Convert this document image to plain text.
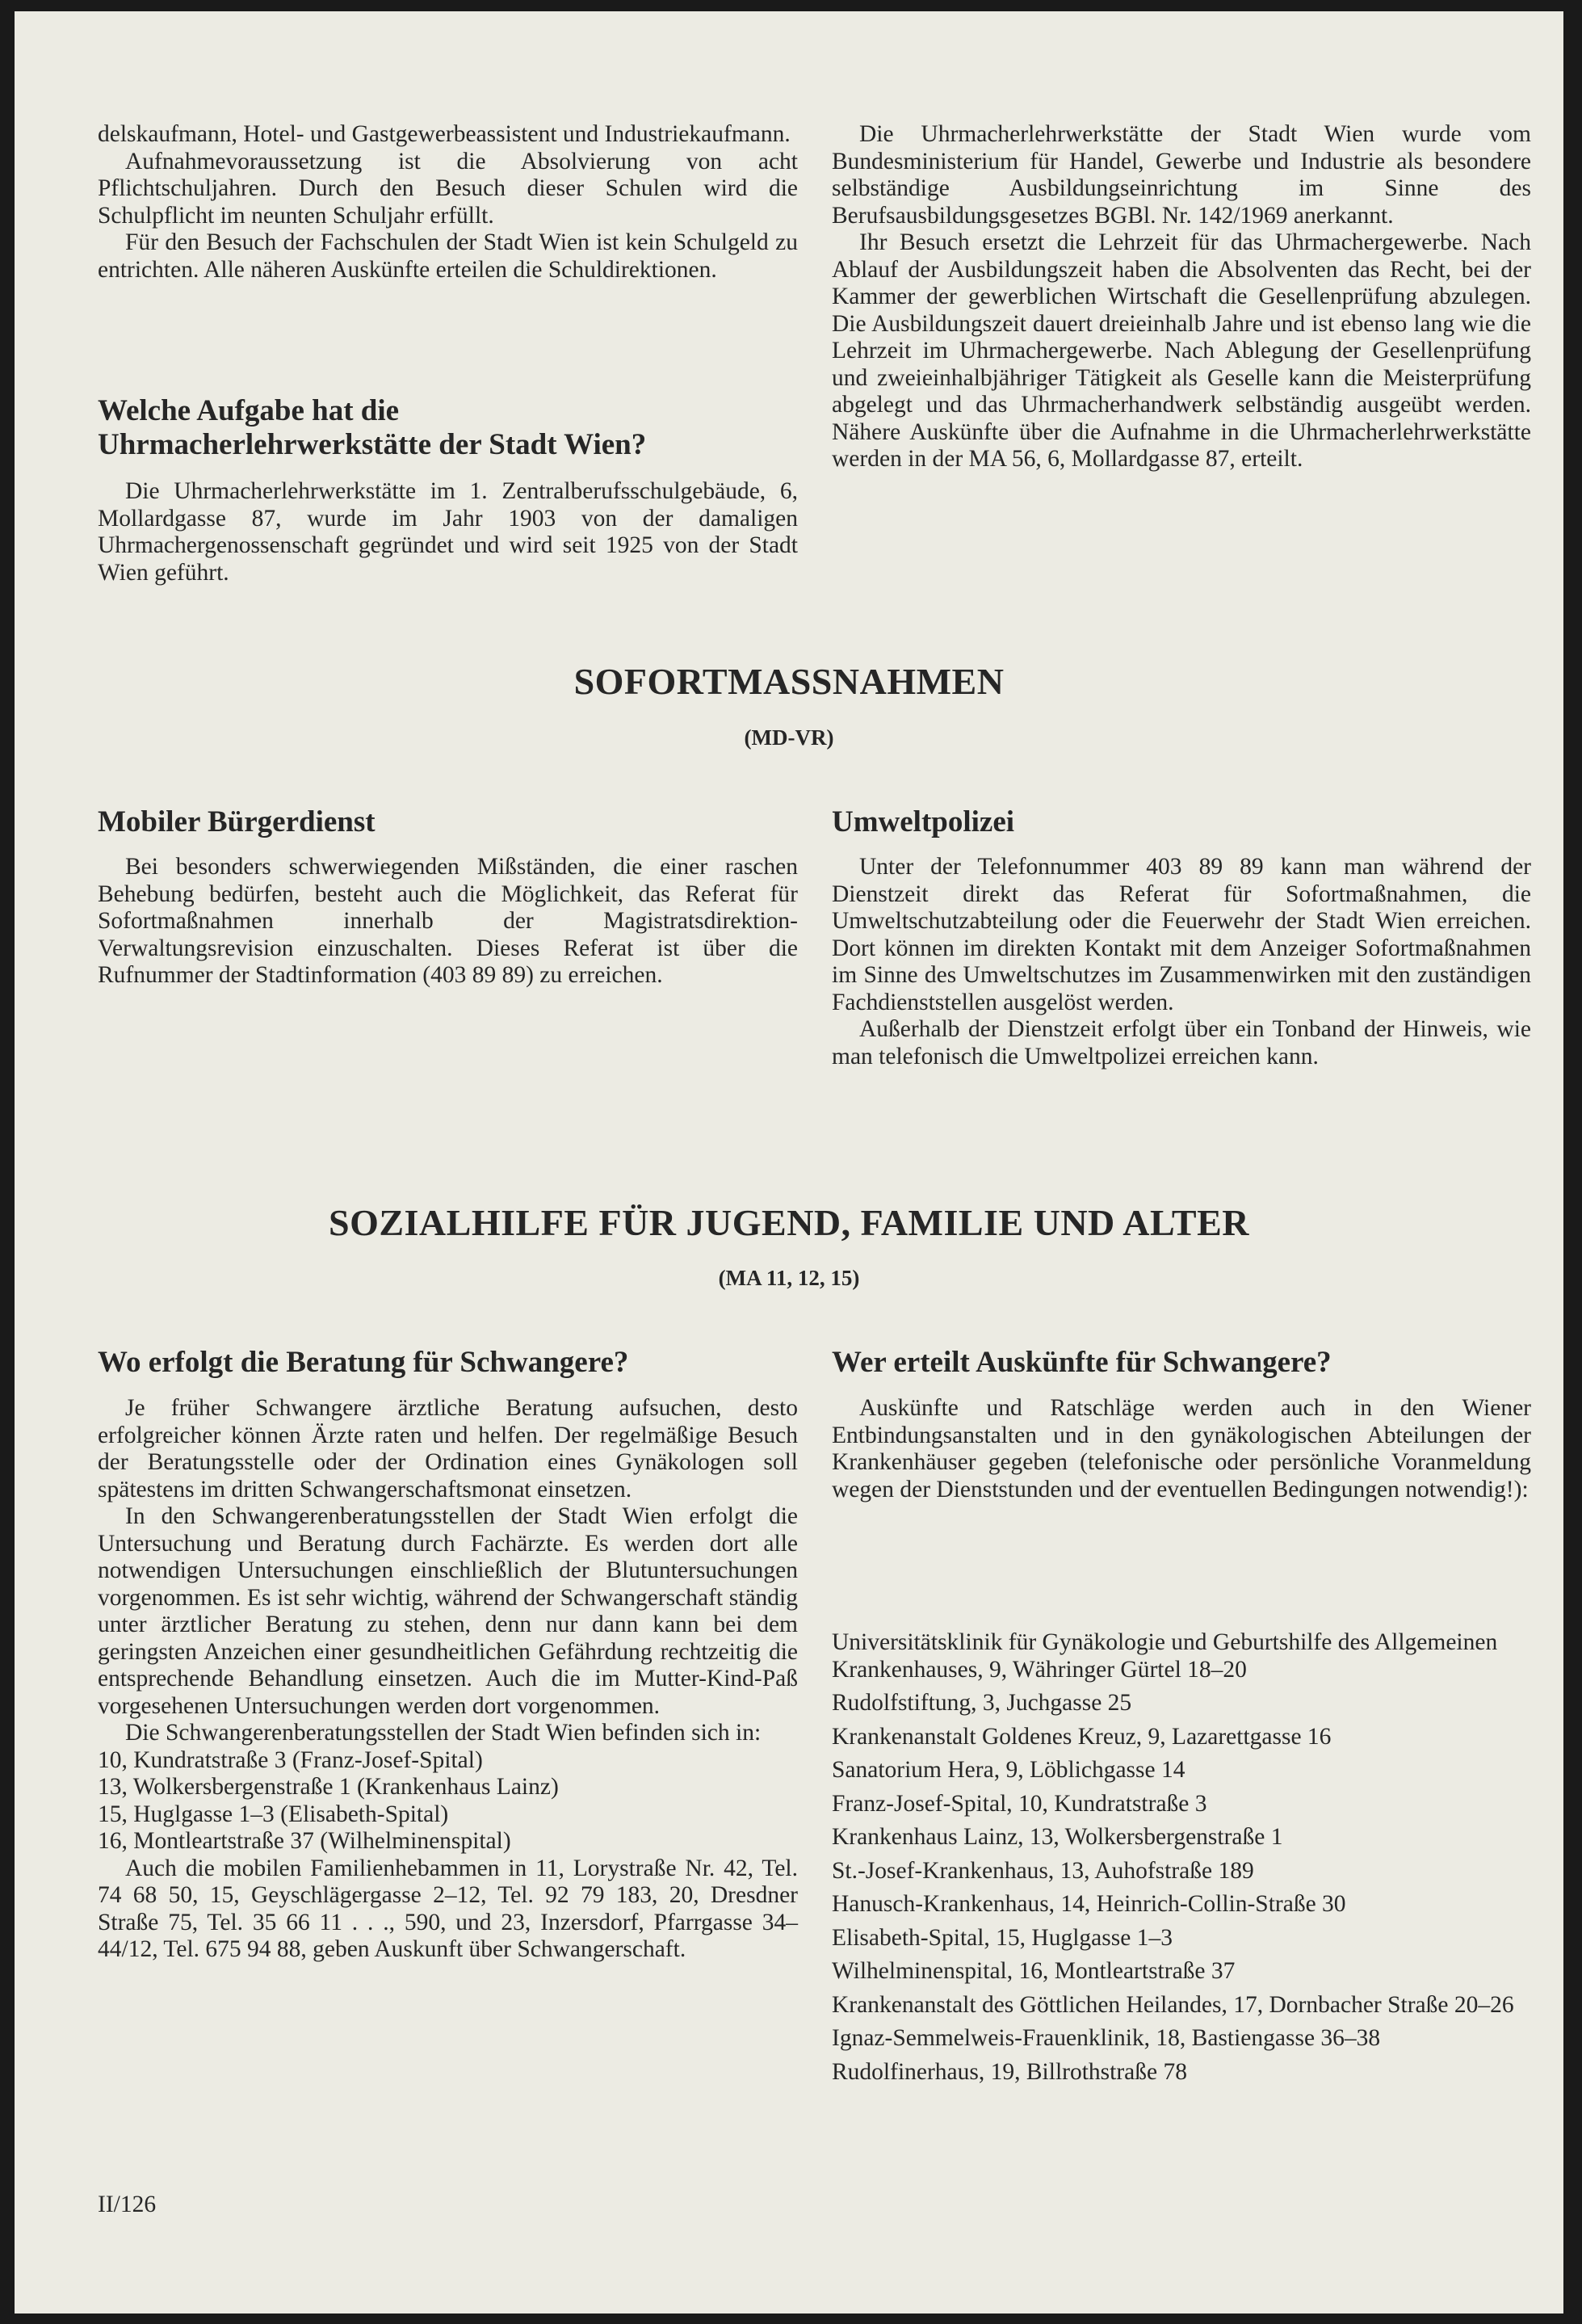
delskaufmann, Hotel- und Gastgewerbeassistent und Industriekaufmann.

Aufnahmevoraussetzung ist die Absolvierung von acht Pflichtschuljahren. Durch den Besuch dieser Schulen wird die Schulpflicht im neunten Schuljahr erfüllt.

Für den Besuch der Fachschulen der Stadt Wien ist kein Schulgeld zu entrichten. Alle näheren Auskünfte erteilen die Schuldirektionen.

Welche Aufgabe hat die
Uhrmacherlehrwerkstätte der Stadt Wien?

Die Uhrmacherlehrwerkstätte im 1. Zentralberufsschulgebäude, 6, Mollardgasse 87, wurde im Jahr 1903 von der damaligen Uhrmachergenossenschaft gegründet und wird seit 1925 von der Stadt Wien geführt.

Die Uhrmacherlehrwerkstätte der Stadt Wien wurde vom Bundesministerium für Handel, Gewerbe und Industrie als besondere selbständige Ausbildungseinrichtung im Sinne des Berufsausbildungsgesetzes BGBl. Nr. 142/1969 anerkannt.

Ihr Besuch ersetzt die Lehrzeit für das Uhrmachergewerbe. Nach Ablauf der Ausbildungszeit haben die Absolventen das Recht, bei der Kammer der gewerblichen Wirtschaft die Gesellenprüfung abzulegen. Die Ausbildungszeit dauert dreieinhalb Jahre und ist ebenso lang wie die Lehrzeit im Uhrmachergewerbe. Nach Ablegung der Gesellenprüfung und zweieinhalbjähriger Tätigkeit als Geselle kann die Meisterprüfung abgelegt und das Uhrmacherhandwerk selbständig ausgeübt werden. Nähere Auskünfte über die Aufnahme in die Uhrmacherlehrwerkstätte werden in der MA 56, 6, Mollardgasse 87, erteilt.

SOFORTMASSNAHMEN
(MD-VR)
Mobiler Bürgerdienst

Bei besonders schwerwiegenden Mißständen, die einer raschen Behebung bedürfen, besteht auch die Möglichkeit, das Referat für Sofortmaßnahmen innerhalb der Magistratsdirektion-Verwaltungsrevision einzuschalten. Dieses Referat ist über die Rufnummer der Stadtinformation (403 89 89) zu erreichen.

Umweltpolizei

Unter der Telefonnummer 403 89 89 kann man während der Dienstzeit direkt das Referat für Sofortmaßnahmen, die Umweltschutzabteilung oder die Feuerwehr der Stadt Wien erreichen. Dort können im direkten Kontakt mit dem Anzeiger Sofortmaßnahmen im Sinne des Umweltschutzes im Zusammenwirken mit den zuständigen Fachdienststellen ausgelöst werden.

Außerhalb der Dienstzeit erfolgt über ein Tonband der Hinweis, wie man telefonisch die Umweltpolizei erreichen kann.

SOZIALHILFE FÜR JUGEND, FAMILIE UND ALTER
(MA 11, 12, 15)
Wo erfolgt die Beratung für Schwangere?

Je früher Schwangere ärztliche Beratung aufsuchen, desto erfolgreicher können Ärzte raten und helfen. Der regelmäßige Besuch der Beratungsstelle oder der Ordination eines Gynäkologen soll spätestens im dritten Schwangerschaftsmonat einsetzen.

In den Schwangerenberatungsstellen der Stadt Wien erfolgt die Untersuchung und Beratung durch Fachärzte. Es werden dort alle notwendigen Untersuchungen einschließlich der Blutuntersuchungen vorgenommen. Es ist sehr wichtig, während der Schwangerschaft ständig unter ärztlicher Beratung zu stehen, denn nur dann kann bei dem geringsten Anzeichen einer gesundheitlichen Gefährdung rechtzeitig die entsprechende Behandlung einsetzen. Auch die im Mutter-Kind-Paß vorgesehenen Untersuchungen werden dort vorgenommen.

Die Schwangerenberatungsstellen der Stadt Wien befinden sich in:

10, Kundratstraße 3 (Franz-Josef-Spital)

13, Wolkersbergenstraße 1 (Krankenhaus Lainz)

15, Huglgasse 1–3 (Elisabeth-Spital)

16, Montleartstraße 37 (Wilhelminenspital)

Auch die mobilen Familienhebammen in 11, Lorystraße Nr. 42, Tel. 74 68 50, 15, Geyschlägergasse 2–12, Tel. 92 79 183, 20, Dresdner Straße 75, Tel. 35 66 11 . . ., 590, und 23, Inzersdorf, Pfarrgasse 34–44/12, Tel. 675 94 88, geben Auskunft über Schwangerschaft.

Wer erteilt Auskünfte für Schwangere?

Auskünfte und Ratschläge werden auch in den Wiener Entbindungsanstalten und in den gynäkologischen Abteilungen der Krankenhäuser gegeben (telefonische oder persönliche Voranmeldung wegen der Dienststunden und der eventuellen Bedingungen notwendig!):

Universitätsklinik für Gynäkologie und Geburtshilfe des Allgemeinen Krankenhauses, 9, Währinger Gürtel 18–20

Rudolfstiftung, 3, Juchgasse 25

Krankenanstalt Goldenes Kreuz, 9, Lazarettgasse 16

Sanatorium Hera, 9, Löblichgasse 14

Franz-Josef-Spital, 10, Kundratstraße 3

Krankenhaus Lainz, 13, Wolkersbergenstraße 1

St.-Josef-Krankenhaus, 13, Auhofstraße 189

Hanusch-Krankenhaus, 14, Heinrich-Collin-Straße 30

Elisabeth-Spital, 15, Huglgasse 1–3

Wilhelminenspital, 16, Montleartstraße 37

Krankenanstalt des Göttlichen Heilandes, 17, Dornbacher Straße 20–26

Ignaz-Semmelweis-Frauenklinik, 18, Bastiengasse 36–38

Rudolfinerhaus, 19, Billrothstraße 78

II/126
